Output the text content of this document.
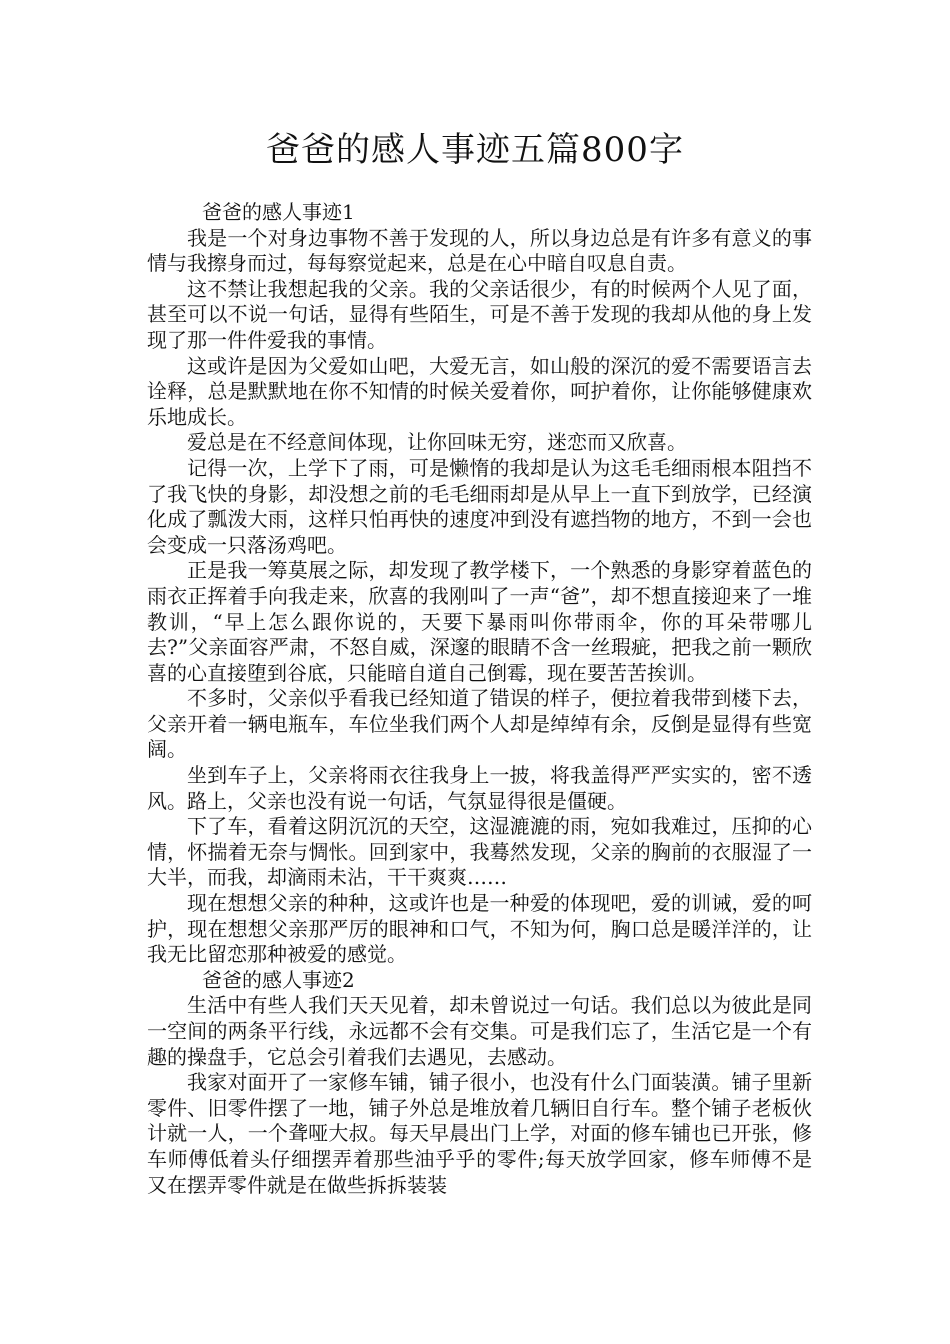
爸爸的感人事迹五篇800字

爸爸的感人事迹1

我是一个对身边事物不善于发现的人，所以身边总是有许多有意义的事情与我擦身而过，每每察觉起来，总是在心中暗自叹息自责。

这不禁让我想起我的父亲。我的父亲话很少，有的时候两个人见了面，甚至可以不说一句话，显得有些陌生，可是不善于发现的我却从他的身上发现了那一件件爱我的事情。

这或许是因为父爱如山吧，大爱无言，如山般的深沉的爱不需要语言去诠释，总是默默地在你不知情的时候关爱着你，呵护着你，让你能够健康欢乐地成长。

爱总是在不经意间体现，让你回味无穷，迷恋而又欣喜。

记得一次，上学下了雨，可是懒惰的我却是认为这毛毛细雨根本阻挡不了我飞快的身影，却没想之前的毛毛细雨却是从早上一直下到放学，已经演化成了瓢泼大雨，这样只怕再快的速度冲到没有遮挡物的地方，不到一会也会变成一只落汤鸡吧。

正是我一筹莫展之际，却发现了教学楼下，一个熟悉的身影穿着蓝色的雨衣正挥着手向我走来，欣喜的我刚叫了一声“爸”，却不想直接迎来了一堆教训，“早上怎么跟你说的，天要下暴雨叫你带雨伞，你的耳朵带哪儿去?”父亲面容严肃，不怒自威，深邃的眼睛不含一丝瑕疵，把我之前一颗欣喜的心直接堕到谷底，只能暗自道自己倒霉，现在要苦苦挨训。

不多时，父亲似乎看我已经知道了错误的样子，便拉着我带到楼下去，父亲开着一辆电瓶车，车位坐我们两个人却是绰绰有余，反倒是显得有些宽阔。

坐到车子上，父亲将雨衣往我身上一披，将我盖得严严实实的，密不透风。路上，父亲也没有说一句话，气氛显得很是僵硬。

下了车，看着这阴沉沉的天空，这湿漉漉的雨，宛如我难过，压抑的心情，怀揣着无奈与惆怅。回到家中，我蓦然发现，父亲的胸前的衣服湿了一大半，而我，却滴雨未沾，干干爽爽……

现在想想父亲的种种，这或许也是一种爱的体现吧，爱的训诫，爱的呵护，现在想想父亲那严厉的眼神和口气，不知为何，胸口总是暖洋洋的，让我无比留恋那种被爱的感觉。

爸爸的感人事迹2

生活中有些人我们天天见着，却未曾说过一句话。我们总以为彼此是同一空间的两条平行线，永远都不会有交集。可是我们忘了，生活它是一个有趣的操盘手，它总会引着我们去遇见，去感动。

我家对面开了一家修车铺，铺子很小，也没有什么门面装潢。铺子里新零件、旧零件摆了一地，铺子外总是堆放着几辆旧自行车。整个铺子老板伙计就一人，一个聋哑大叔。每天早晨出门上学，对面的修车铺也已开张，修车师傅低着头仔细摆弄着那些油乎乎的零件;每天放学回家，修车师傅不是又在摆弄零件就是在做些拆拆装装
